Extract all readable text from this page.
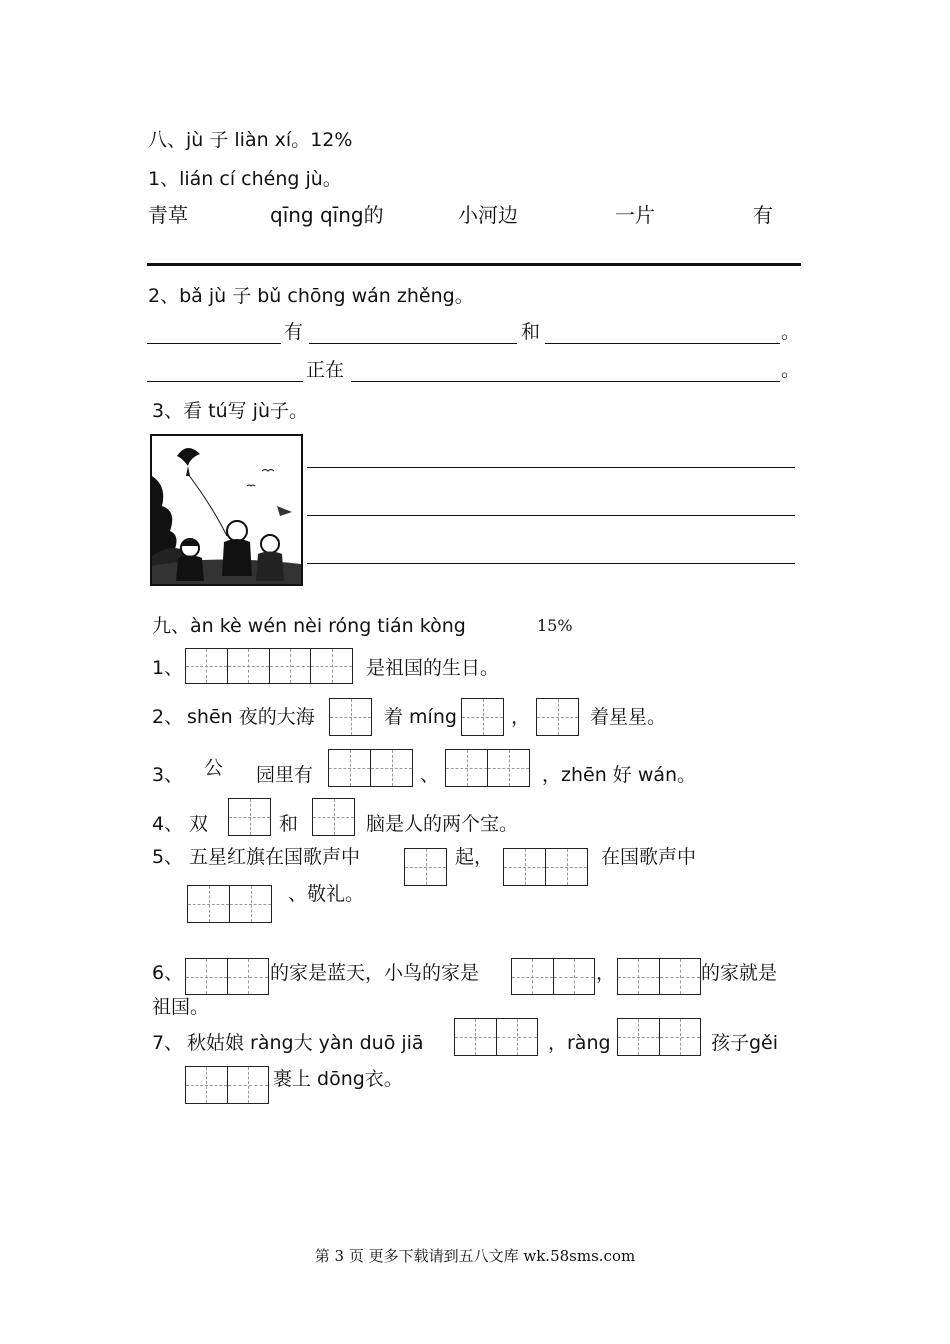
八、jù 子 liàn xí。12%
1、lián cí chéng jù。
青草	qīng qīng的	小河边	一片	有
2、bǎ jù 子 bǔ chōng wán zhěng。
有	和	。
正在	。
3、看 tú写 jù子。
九、àn kè wén nèi róng tián kòng	15%
1、	是祖国的生日。
2、 shēn 夜的大海	着 míng	，	着星星。
3、 公 园里有	、	，zhēn 好 wán。
4、 双	和	脑是人的两个宝。
5、 五星红旗在国歌声中	起，	在国歌声中
、敬礼。
6、	的家是蓝天，小鸟的家是	，	的家就是
祖国。
7、 秋姑娘 ràng大 yàn duō jiā	，ràng	孩子gěi
裹上 dōng衣。
第 3 页 更多下载请到五八文库 wk.58sms.com
